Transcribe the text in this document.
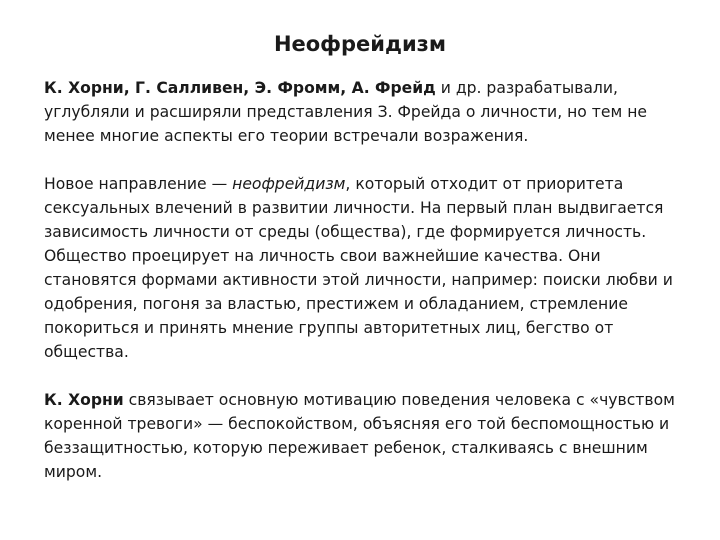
Неофрейдизм

К. Хорни, Г. Салливен, Э. Фромм, А. Фрейд и др. разрабатывали, углубляли и расширяли представления З. Фрейда о личности, но тем не менее многие аспекты его теории встречали возражения.

Новое направление — неофрейдизм, который отходит от приоритета сексуальных влечений в развитии личности. На первый план выдвигается зависимость личности от среды (общества), где формируется личность. Общество проецирует на личность свои важнейшие качества. Они становятся формами активности этой личности, например: поиски любви и одобрения, погоня за властью, престижем и обладанием, стремление покориться и принять мнение группы авторитетных лиц, бегство от общества.

К. Хорни связывает основную мотивацию поведения человека с «чувством коренной тревоги» — беспокойством, объясняя его той беспомощностью и беззащитностью, которую переживает ребенок, сталкиваясь с внешним миром.
